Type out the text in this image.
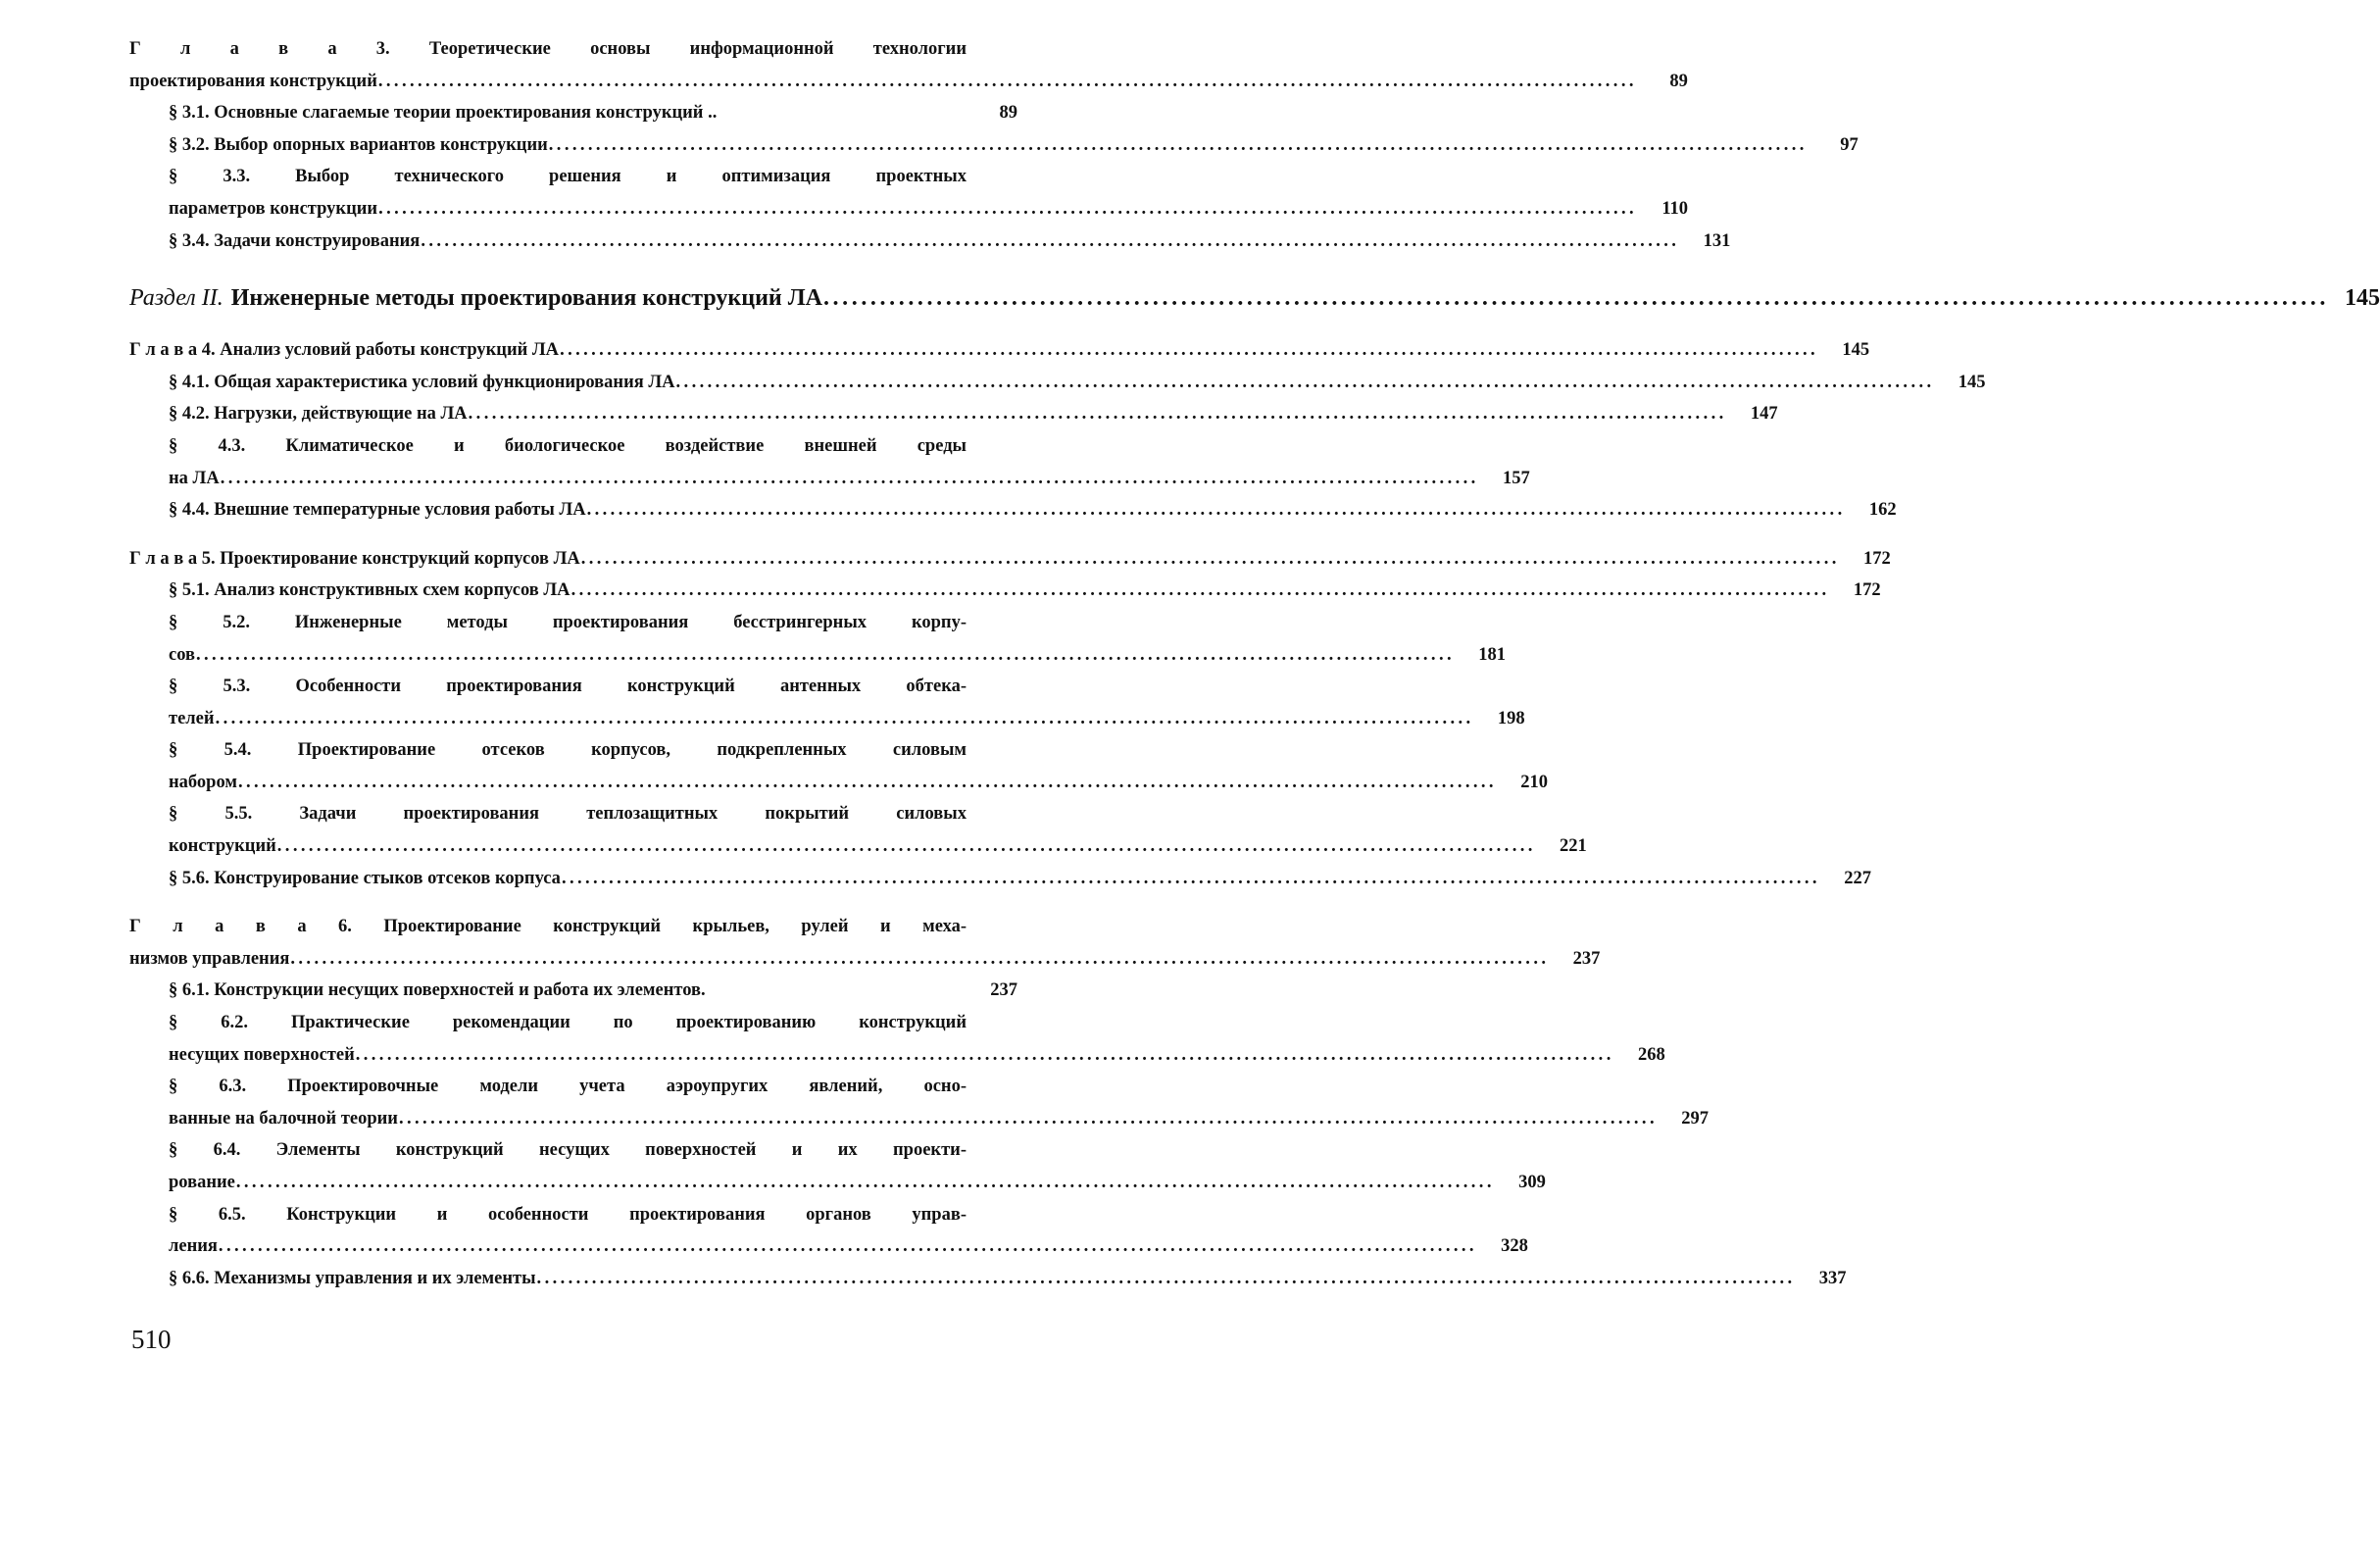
Г л а в а 3. Теоретические основы информационной технологии
проектирования конструкций ................................................................................................................................................................	89
§ 3.1. Основные слагаемые теории проектирования конструкций ..	89
§ 3.2. Выбор опорных вариантов конструкции ................................................................................................................................................................	97
§ 3.3. Выбор технического решения и оптимизация проектных
параметров конструкции ................................................................................................................................................................	110
§ 3.4. Задачи конструирования ................................................................................................................................................................	131
Раздел II. Инженерные методы проектирования конструкций ЛА ................................................................................................................................................................ 145
Г л а в а 4. Анализ условий работы конструкций ЛА ................................................................................................................................................................	145
§ 4.1. Общая характеристика условий функционирования ЛА ................................................................................................................................................................	145
§ 4.2. Нагрузки, действующие на ЛА ................................................................................................................................................................	147
§ 4.3. Климатическое и биологическое воздействие внешней среды
на ЛА ................................................................................................................................................................	157
§ 4.4. Внешние температурные условия работы ЛА ................................................................................................................................................................	162
Г л а в а 5. Проектирование конструкций корпусов ЛА ................................................................................................................................................................	172
§ 5.1. Анализ конструктивных схем корпусов ЛА ................................................................................................................................................................	172
§ 5.2. Инженерные методы проектирования бесстрингерных корпу-
сов ................................................................................................................................................................	181
§ 5.3. Особенности проектирования конструкций антенных обтека-
телей ................................................................................................................................................................	198
§ 5.4. Проектирование отсеков корпусов, подкрепленных силовым
набором ................................................................................................................................................................	210
§ 5.5. Задачи проектирования теплозащитных покрытий силовых
конструкций ................................................................................................................................................................	221
§ 5.6. Конструирование стыков отсеков корпуса ................................................................................................................................................................	227
Г л а в а 6. Проектирование конструкций крыльев, рулей и меха-
низмов управления ................................................................................................................................................................	237
§ 6.1. Конструкции несущих поверхностей и работа их элементов.	237
§ 6.2. Практические рекомендации по проектированию конструкций
несущих поверхностей ................................................................................................................................................................	268
§ 6.3. Проектировочные модели учета аэроупругих явлений, осно-
ванные на балочной теории ................................................................................................................................................................	297
§ 6.4. Элементы конструкций несущих поверхностей и их проекти-
рование ................................................................................................................................................................	309
§ 6.5. Конструкции и особенности проектирования органов управ-
ления ................................................................................................................................................................	328
§ 6.6. Механизмы управления и их элементы ................................................................................................................................................................	337
510
